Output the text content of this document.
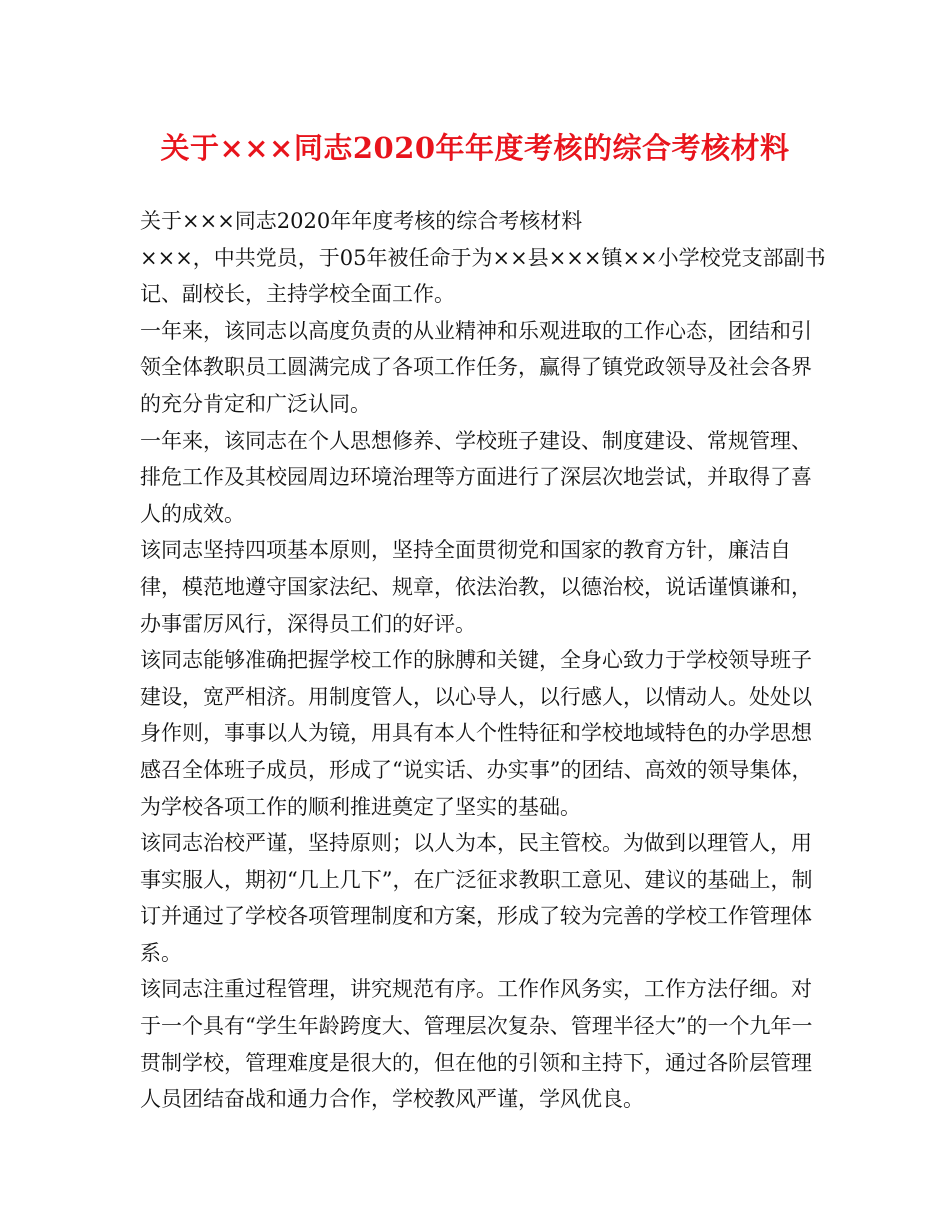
关于×××同志2020年年度考核的综合考核材料

关于×××同志2020年年度考核的综合考核材料

×××，中共党员，于05年被任命于为××县×××镇××小学校党支部副书记、副校长，主持学校全面工作。

一年来，该同志以高度负责的从业精神和乐观进取的工作心态，团结和引领全体教职员工圆满完成了各项工作任务，赢得了镇党政领导及社会各界的充分肯定和广泛认同。

一年来，该同志在个人思想修养、学校班子建设、制度建设、常规管理、排危工作及其校园周边环境治理等方面进行了深层次地尝试，并取得了喜人的成效。

该同志坚持四项基本原则，坚持全面贯彻党和国家的教育方针，廉洁自律，模范地遵守国家法纪、规章，依法治教，以德治校，说话谨慎谦和，办事雷厉风行，深得员工们的好评。

该同志能够准确把握学校工作的脉膊和关键，全身心致力于学校领导班子建设，宽严相济。用制度管人，以心导人，以行感人，以情动人。处处以身作则，事事以人为镜，用具有本人个性特征和学校地域特色的办学思想感召全体班子成员，形成了“说实话、办实事”的团结、高效的领导集体，为学校各项工作的顺利推进奠定了坚实的基础。

该同志治校严谨，坚持原则；以人为本，民主管校。为做到以理管人，用事实服人，期初“几上几下”，在广泛征求教职工意见、建议的基础上，制订并通过了学校各项管理制度和方案，形成了较为完善的学校工作管理体系。

该同志注重过程管理，讲究规范有序。工作作风务实，工作方法仔细。对于一个具有“学生年龄跨度大、管理层次复杂、管理半径大”的一个九年一贯制学校，管理难度是很大的，但在他的引领和主持下，通过各阶层管理人员团结奋战和通力合作，学校教风严谨，学风优良。
